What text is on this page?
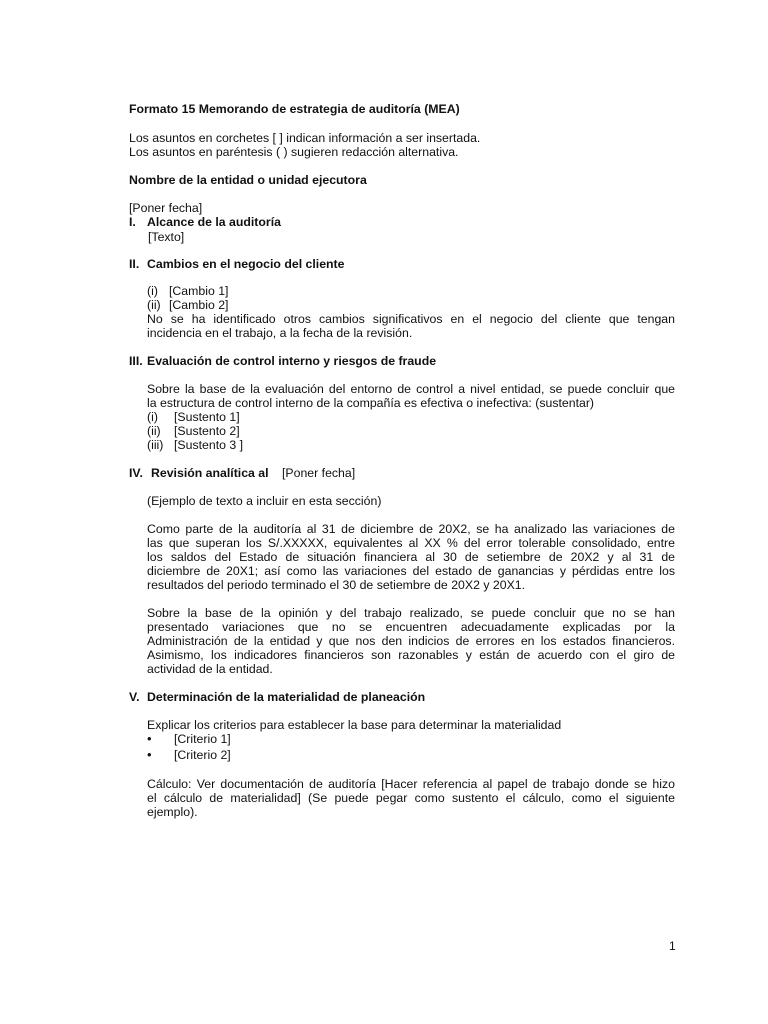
Formato 15 Memorando de estrategia de auditoría (MEA)
Los asuntos en corchetes [ ] indican información a ser insertada.
Los asuntos en paréntesis ( ) sugieren redacción alternativa.
Nombre de la entidad o unidad ejecutora
[Poner fecha]
I. Alcance de la auditoría
[Texto]
II. Cambios en el negocio del cliente
(i) [Cambio 1]
(ii) [Cambio 2]
No se ha identificado otros cambios significativos en el negocio del cliente que tengan
incidencia en el trabajo, a la fecha de la revisión.
III. Evaluación de control interno y riesgos de fraude
Sobre la base de la evaluación del entorno de control a nivel entidad, se puede concluir que
la estructura de control interno de la compañía es efectiva o inefectiva: (sustentar)
(i) [Sustento 1]
(ii) [Sustento 2]
(iii) [Sustento 3 ]
IV. Revisión analítica al [Poner fecha]
(Ejemplo de texto a incluir en esta sección)
Como parte de la auditoría al 31 de diciembre de 20X2, se ha analizado las variaciones de
las que superan los S/.XXXXX, equivalentes al XX % del error tolerable consolidado, entre
los saldos del Estado de situación financiera al 30 de setiembre de 20X2 y al 31 de
diciembre de 20X1; así como las variaciones del estado de ganancias y pérdidas entre los
resultados del periodo terminado el 30 de setiembre de 20X2 y 20X1.
Sobre la base de la opinión y del trabajo realizado, se puede concluir que no se han
presentado variaciones que no se encuentren adecuadamente explicadas por la
Administración de la entidad y que nos den indicios de errores en los estados financieros.
Asimismo, los indicadores financieros son razonables y están de acuerdo con el giro de
actividad de la entidad.
V. Determinación de la materialidad de planeación
Explicar los criterios para establecer la base para determinar la materialidad
• [Criterio 1]
• [Criterio 2]
Cálculo: Ver documentación de auditoría [Hacer referencia al papel de trabajo donde se hizo
el cálculo de materialidad] (Se puede pegar como sustento el cálculo, como el siguiente
ejemplo).
1
